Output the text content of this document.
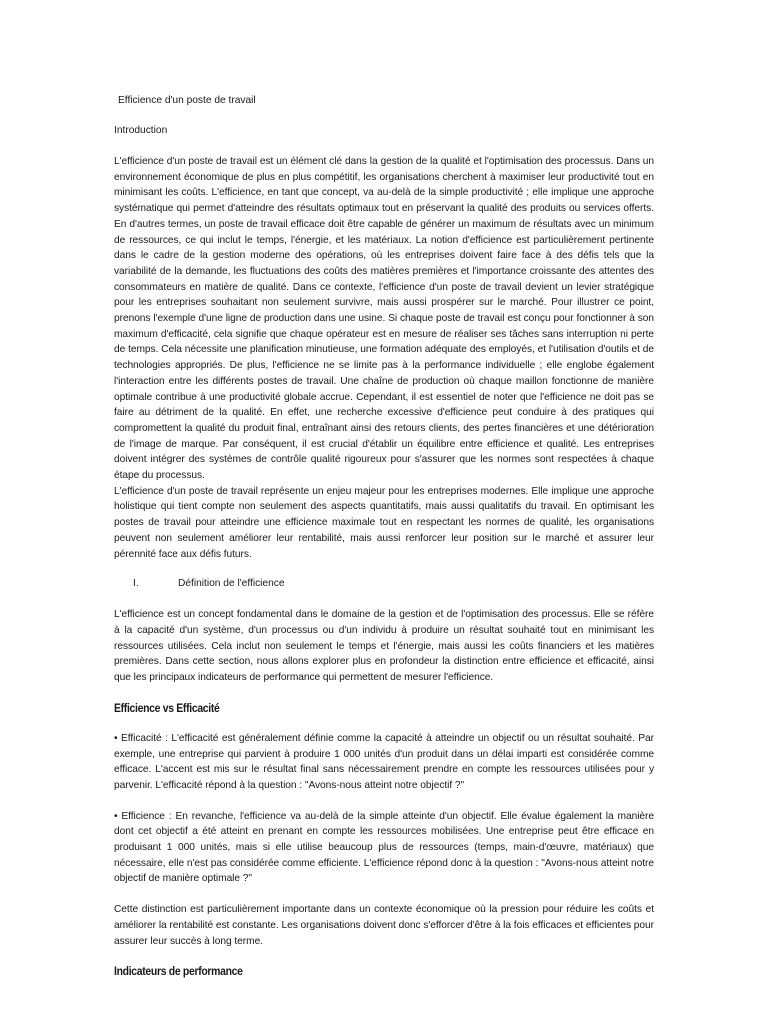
Efficience d'un poste de travail
Introduction

L'efficience d'un poste de travail est un élément clé dans la gestion de la qualité et l'optimisation des processus. Dans un environnement économique de plus en plus compétitif, les organisations cherchent à maximiser leur productivité tout en minimisant les coûts. L'efficience, en tant que concept, va au-delà de la simple productivité ; elle implique une approche systématique qui permet d'atteindre des résultats optimaux tout en préservant la qualité des produits ou services offerts. En d'autres termes, un poste de travail efficace doit être capable de générer un maximum de résultats avec un minimum de ressources, ce qui inclut le temps, l'énergie, et les matériaux. La notion d'efficience est particulièrement pertinente dans le cadre de la gestion moderne des opérations, où les entreprises doivent faire face à des défis tels que la variabilité de la demande, les fluctuations des coûts des matières premières et l'importance croissante des attentes des consommateurs en matière de qualité. Dans ce contexte, l'efficience d'un poste de travail devient un levier stratégique pour les entreprises souhaitant non seulement survivre, mais aussi prospérer sur le marché. Pour illustrer ce point, prenons l'exemple d'une ligne de production dans une usine. Si chaque poste de travail est conçu pour fonctionner à son maximum d'efficacité, cela signifie que chaque opérateur est en mesure de réaliser ses tâches sans interruption ni perte de temps. Cela nécessite une planification minutieuse, une formation adéquate des employés, et l'utilisation d'outils et de technologies appropriés. De plus, l'efficience ne se limite pas à la performance individuelle ; elle englobe également l'interaction entre les différents postes de travail. Une chaîne de production où chaque maillon fonctionne de manière optimale contribue à une productivité globale accrue. Cependant, il est essentiel de noter que l'efficience ne doit pas se faire au détriment de la qualité. En effet, une recherche excessive d'efficience peut conduire à des pratiques qui compromettent la qualité du produit final, entraînant ainsi des retours clients, des pertes financières et une détérioration de l'image de marque. Par conséquent, il est crucial d'établir un équilibre entre efficience et qualité. Les entreprises doivent intégrer des systèmes de contrôle qualité rigoureux pour s'assurer que les normes sont respectées à chaque étape du processus.

L'efficience d'un poste de travail représente un enjeu majeur pour les entreprises modernes. Elle implique une approche holistique qui tient compte non seulement des aspects quantitatifs, mais aussi qualitatifs du travail. En optimisant les postes de travail pour atteindre une efficience maximale tout en respectant les normes de qualité, les organisations peuvent non seulement améliorer leur rentabilité, mais aussi renforcer leur position sur le marché et assurer leur pérennité face aux défis futurs.

I.	Définition de l'efficience

L'efficience est un concept fondamental dans le domaine de la gestion et de l'optimisation des processus. Elle se réfère à la capacité d'un système, d'un processus ou d'un individu à produire un résultat souhaité tout en minimisant les ressources utilisées. Cela inclut non seulement le temps et l'énergie, mais aussi les coûts financiers et les matières premières. Dans cette section, nous allons explorer plus en profondeur la distinction entre efficience et efficacité, ainsi que les principaux indicateurs de performance qui permettent de mesurer l'efficience.

Efficience vs Efficacité

• Efficacité : L'efficacité est généralement définie comme la capacité à atteindre un objectif ou un résultat souhaité. Par exemple, une entreprise qui parvient à produire 1 000 unités d'un produit dans un délai imparti est considérée comme efficace. L'accent est mis sur le résultat final sans nécessairement prendre en compte les ressources utilisées pour y parvenir. L'efficacité répond à la question : "Avons-nous atteint notre objectif ?"

• Efficience : En revanche, l'efficience va au-delà de la simple atteinte d'un objectif. Elle évalue également la manière dont cet objectif a été atteint en prenant en compte les ressources mobilisées. Une entreprise peut être efficace en produisant 1 000 unités, mais si elle utilise beaucoup plus de ressources (temps, main-d'œuvre, matériaux) que nécessaire, elle n'est pas considérée comme efficiente. L'efficience répond donc à la question : "Avons-nous atteint notre objectif de manière optimale ?"

Cette distinction est particulièrement importante dans un contexte économique où la pression pour réduire les coûts et améliorer la rentabilité est constante. Les organisations doivent donc s'efforcer d'être à la fois efficaces et efficientes pour assurer leur succès à long terme.

Indicateurs de performance
